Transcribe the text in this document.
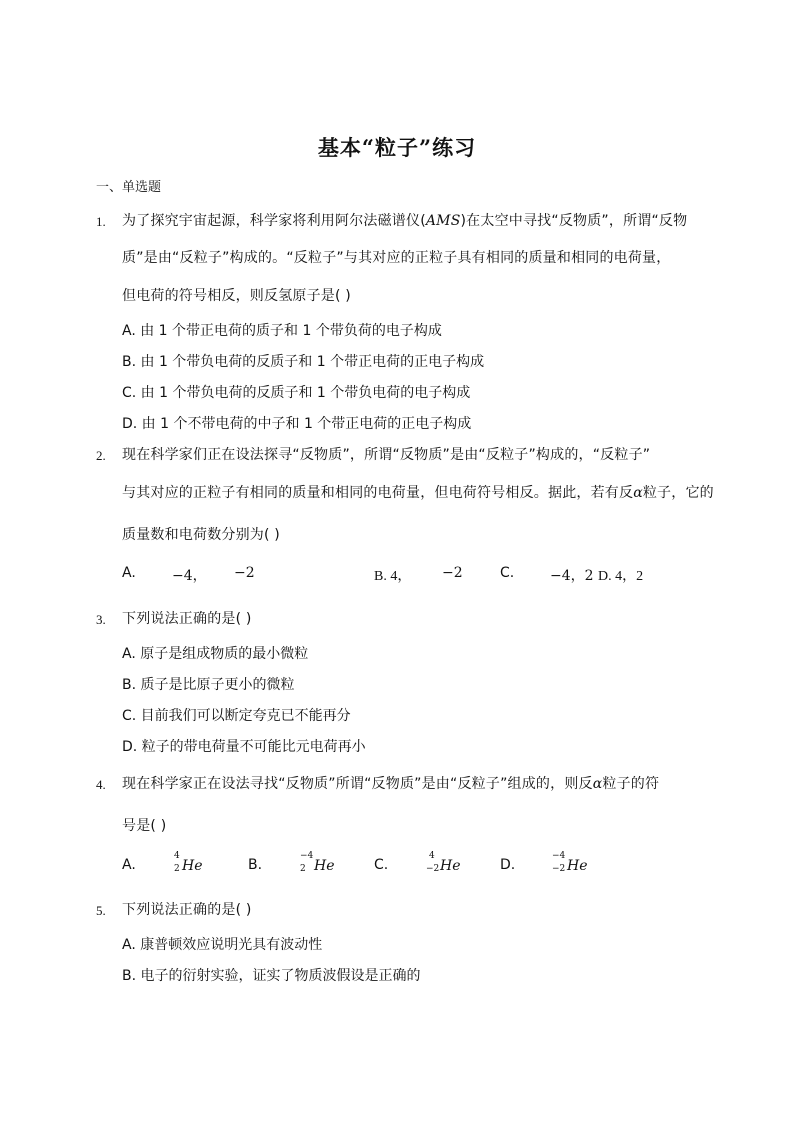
基本“粒子”练习
一、单选题
1. 为了探究宇宙起源，科学家将利用阿尔法磁谱仪(AMS)在太空中寻找“反物质”，所谓“反物
质”是由“反粒子”构成的。“反粒子”与其对应的正粒子具有相同的质量和相同的电荷量，
但电荷的符号相反，则反氢原子是( )
A. 由 1 个带正电荷的质子和 1 个带负荷的电子构成
B. 由 1 个带负电荷的反质子和 1 个带正电荷的正电子构成
C. 由 1 个带负电荷的反质子和 1 个带负电荷的电子构成
D. 由 1 个不带电荷的中子和 1 个带正电荷的正电子构成
2. 现在科学家们正在设法探寻“反物质”，所谓“反物质”是由“反粒子”构成的，“反粒子”
与其对应的正粒子有相同的质量和相同的电荷量，但电荷符号相反。据此，若有反α粒子，它的
质量数和电荷数分别为( )
A.	−4， −2	B. 4， −2	C.	−4，2 D. 4，2
3. 下列说法正确的是( )
A. 原子是组成物质的最小微粒
B. 质子是比原子更小的微粒
C. 目前我们可以断定夸克已不能再分
D. 粒子的带电荷量不可能比元电荷再小
4. 现在科学家正在设法寻找“反物质”所谓“反物质”是由“反粒子”组成的，则反α粒子的符
号是( )
A.
4
2 He	B.
−4
2 He	C.
4
−2 He	D.
−4
−2 He
5. 下列说法正确的是( )
A. 康普顿效应说明光具有波动性
B. 电子的衍射实验，证实了物质波假设是正确的
